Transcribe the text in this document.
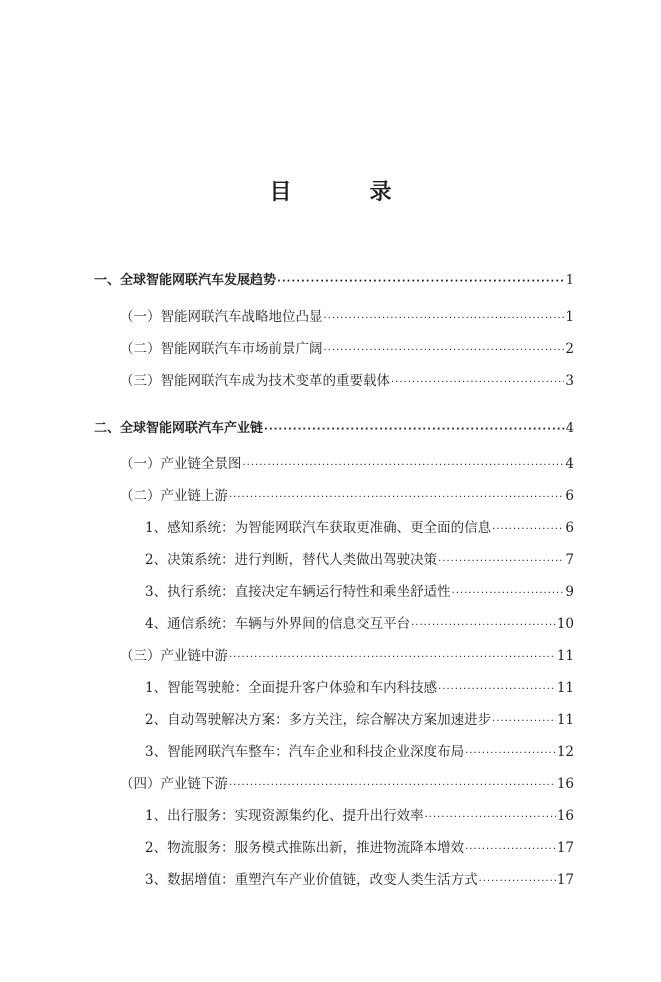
目　录
一、全球智能网联汽车发展趋势 ·····	1
（一）智能网联汽车战略地位凸显 ·····	1
（二）智能网联汽车市场前景广阔 ·····	2
（三）智能网联汽车成为技术变革的重要载体 ·····	3
二、全球智能网联汽车产业链 ·····	4
（一）产业链全景图 ·····	4
（二）产业链上游 ·····	6
1、感知系统：为智能网联汽车获取更准确、更全面的信息 ·····	6
2、决策系统：进行判断，替代人类做出驾驶决策 ·····	7
3、执行系统：直接决定车辆运行特性和乘坐舒适性 ·····	9
4、通信系统：车辆与外界间的信息交互平台 ·····	10
（三）产业链中游 ·····	11
1、智能驾驶舱：全面提升客户体验和车内科技感 ·····	11
2、自动驾驶解决方案：多方关注，综合解决方案加速进步 ·····	11
3、智能网联汽车整车：汽车企业和科技企业深度布局 ·····	12
（四）产业链下游 ·····	16
1、出行服务：实现资源集约化、提升出行效率 ·····	16
2、物流服务：服务模式推陈出新，推进物流降本增效 ·····	17
3、数据增值：重塑汽车产业价值链，改变人类生活方式 ·····	17
